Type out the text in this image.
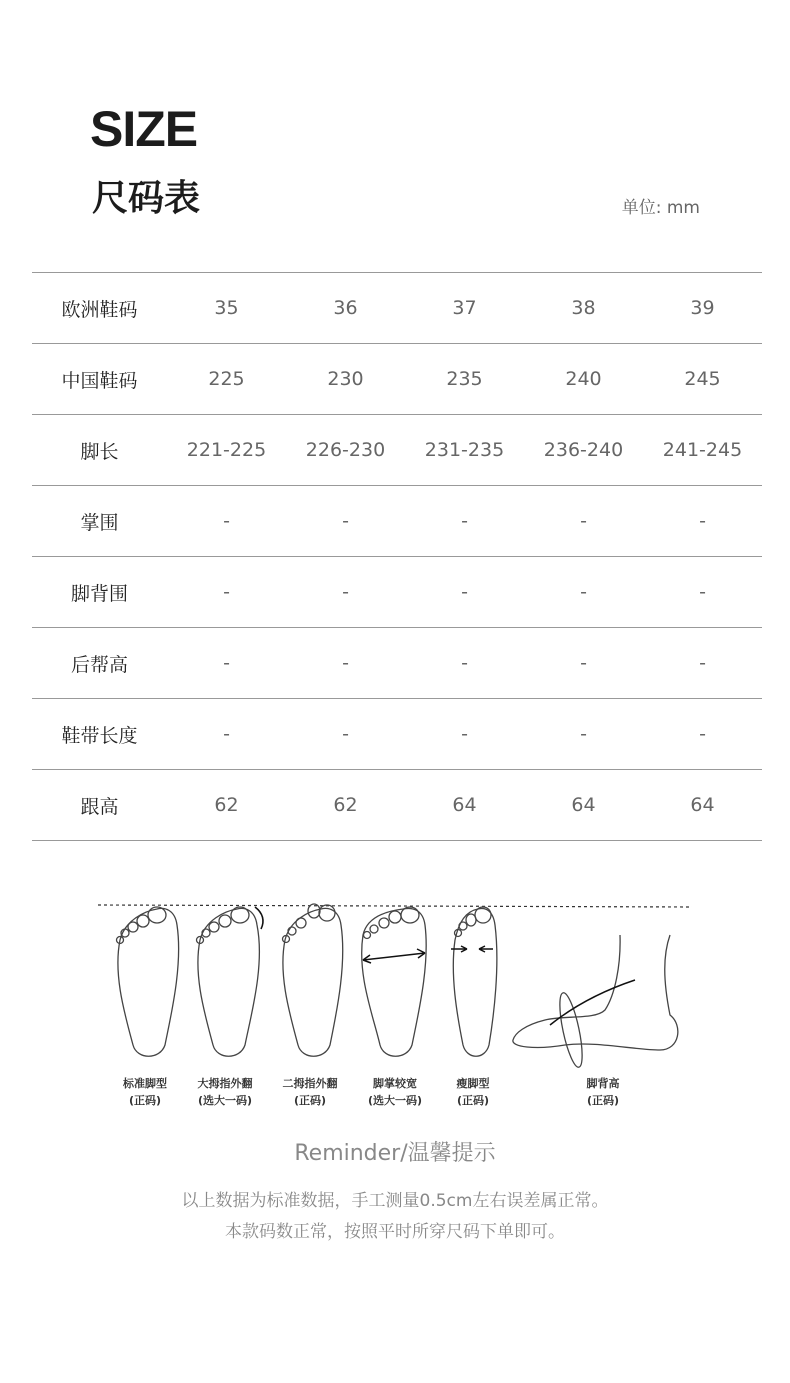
SIZE
尺码表	单位: mm
欧洲鞋码	35	36	37	38	39
中国鞋码	225	230	235	240	245
脚长	221-225	226-230	231-235	236-240	241-245
掌围	-	-	-	-	-
脚背围	-	-	-	-	-
后帮高	-	-	-	-	-
鞋带长度	-	-	-	-	-
跟高	62	62	64	64	64
标准脚型
(正码)
大拇指外翻
(选大一码)
二拇指外翻
(正码)
脚掌较宽
(选大一码)
瘦脚型
(正码)
脚背高
(正码)
Reminder/温馨提示
以上数据为标准数据，手工测量0.5cm左右误差属正常。
本款码数正常，按照平时所穿尺码下单即可。
